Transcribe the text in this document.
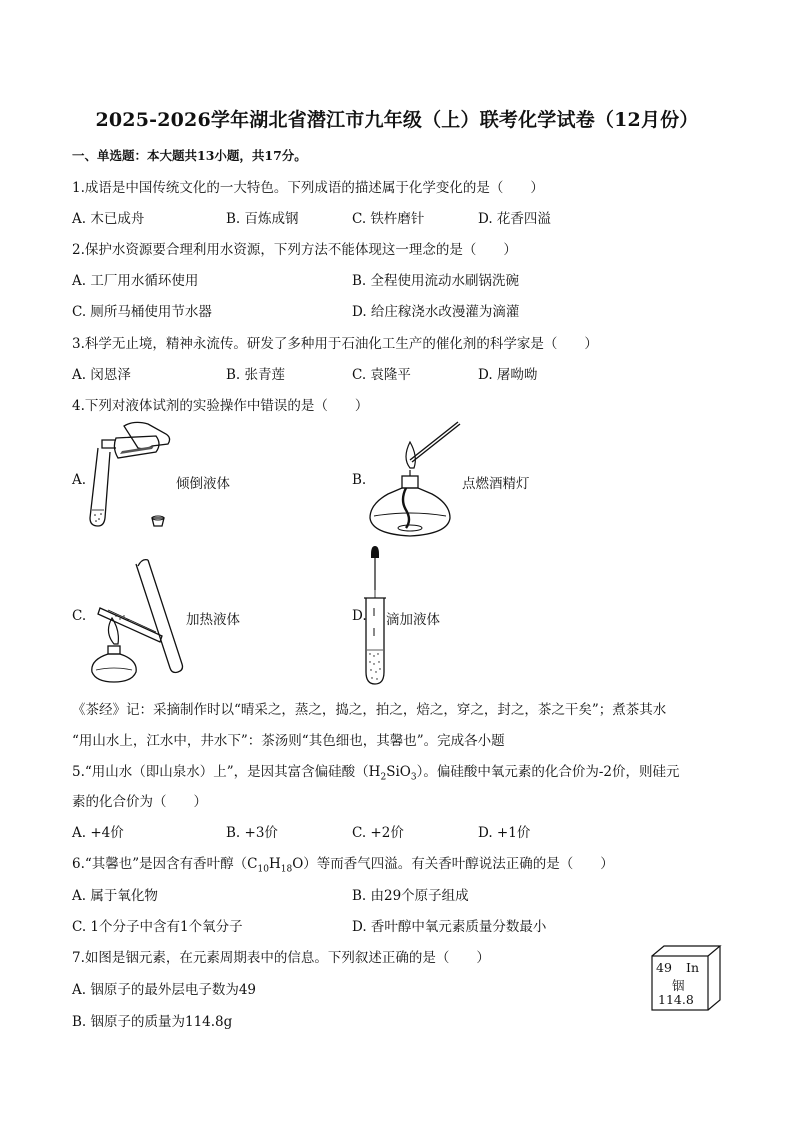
2025-2026学年湖北省潜江市九年级（上）联考化学试卷（12月份）
一、单选题：本大题共13小题，共17分。
1.成语是中国传统文化的一大特色。下列成语的描述属于化学变化的是（　　）
A. 木已成舟	B. 百炼成钢	C. 铁杵磨针	D. 花香四溢
2.保护水资源要合理利用水资源，下列方法不能体现这一理念的是（　　）
A. 工厂用水循环使用	B. 全程使用流动水刷锅洗碗
C. 厕所马桶使用节水器	D. 给庄稼浇水改漫灌为滴灌
3.科学无止境，精神永流传。研发了多种用于石油化工生产的催化剂的科学家是（　　）
A. 闵恩泽	B. 张青莲	C. 袁隆平	D. 屠呦呦
4.下列对液体试剂的实验操作中错误的是（　　）
A.	倾倒液体	B.	点燃酒精灯
C.	加热液体	D. 滴加液体
《茶经》记：采摘制作时以“晴采之，蒸之，捣之，拍之，焙之，穿之，封之，茶之干矣”；煮茶其水
“用山水上，江水中，井水下”：茶汤则“其色细也，其馨也”。完成各小题
5.“用山水（即山泉水）上”，是因其富含偏硅酸$(H_2SiO_3)$。偏硅酸中氧元素的化合价为-2价，则硅元
素的化合价为（　　）
A. +4价	B. +3价	C. +2价	D. +1价
6.“其馨也”是因含有香叶醇$(C_{10}H_{18}O)$等而香气四溢。有关香叶醇说法正确的是（　　）
A. 属于氧化物	B. 由29个原子组成
C. 1个分子中含有1个氧分子	D. 香叶醇中氧元素质量分数最小
7.如图是铟元素，在元素周期表中的信息。下列叙述正确的是（　　）
A. 铟原子的最外层电子数为49
B. 铟原子的质量为114.8g
49 In
铟
114.8
